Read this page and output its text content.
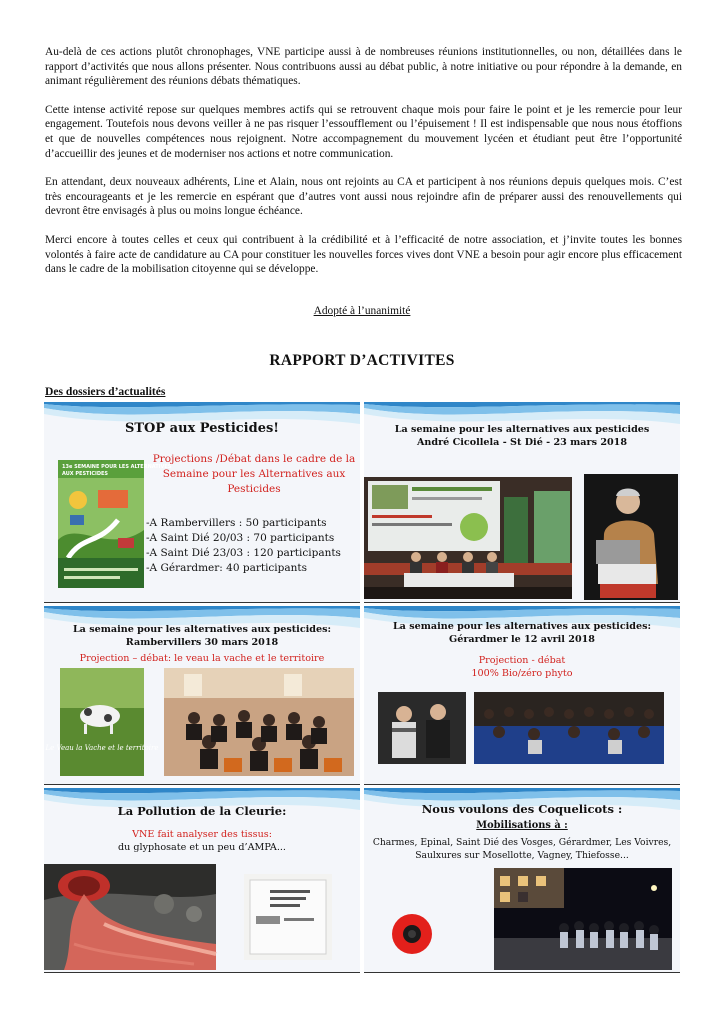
Au-delà de ces actions plutôt chronophages, VNE participe aussi à de nombreuses réunions institutionnelles, ou non, détaillées dans le rapport d’activités que nous allons présenter. Nous contribuons aussi au débat public, à notre initiative ou pour répondre à la demande, en animant régulièrement des réunions débats thématiques.

Cette intense activité repose sur quelques membres actifs qui se retrouvent chaque mois pour faire le point et je les remercie pour leur engagement. Toutefois nous devons veiller à ne pas risquer l’essoufflement ou l’épuisement ! Il est indispensable que nous nous étoffions et que de nouvelles compétences nous rejoignent. Notre accompagnement du mouvement lycéen et étudiant peut être l’opportunité d’accueillir des jeunes et de moderniser nos actions et notre communication.

En attendant, deux nouveaux adhérents, Line et Alain, nous ont rejoints au CA et participent à nos réunions depuis quelques mois. C’est très encourageants et je les remercie en espérant que d’autres vont aussi nous rejoindre afin de préparer aussi des renouvellements qui devront être envisagés à plus ou moins longue échéance.

Merci encore à toutes celles et ceux qui contribuent à la crédibilité et à l’efficacité de notre association, et j’invite toutes les bonnes volontés à faire acte de candidature au CA pour constituer les nouvelles forces vives dont VNE a besoin pour agir encore plus efficacement dans le cadre de la mobilisation citoyenne qui se développe.

Adopté à l’unanimité
RAPPORT D’ACTIVITES
Des dossiers d’actualités
STOP aux Pesticides!
13e SEMAINE POUR LES ALTERNATIVES
AUX PESTICIDES
Projections /Débat dans le cadre de la
Semaine pour les Alternatives aux
Pesticides
-A Rambervillers : 50 participants
-A Saint Dié 20/03 : 70 participants
-A Saint Dié 23/03 : 120 participants
-A Gérardmer: 40 participants
La semaine pour les alternatives aux pesticides
André Cicollela - St Dié - 23 mars 2018
La semaine pour les alternatives aux pesticides:
Rambervillers 30 mars 2018
Projection – débat: le veau la vache et le territoire
Le Veau la Vache et le territoire
La semaine pour les alternatives aux pesticides:
Gérardmer le 12 avril 2018
Projection - débat
100% Bio/zéro phyto
La Pollution de la Cleurie:
VNE fait analyser des tissus:
du glyphosate et un peu d’AMPA...
Nous voulons des Coquelicots :
Mobilisations à :
Charmes, Epinal, Saint Dié des Vosges, Gérardmer, Les Voivres,
Saulxures sur Mosellotte, Vagney, Thiefosse...
